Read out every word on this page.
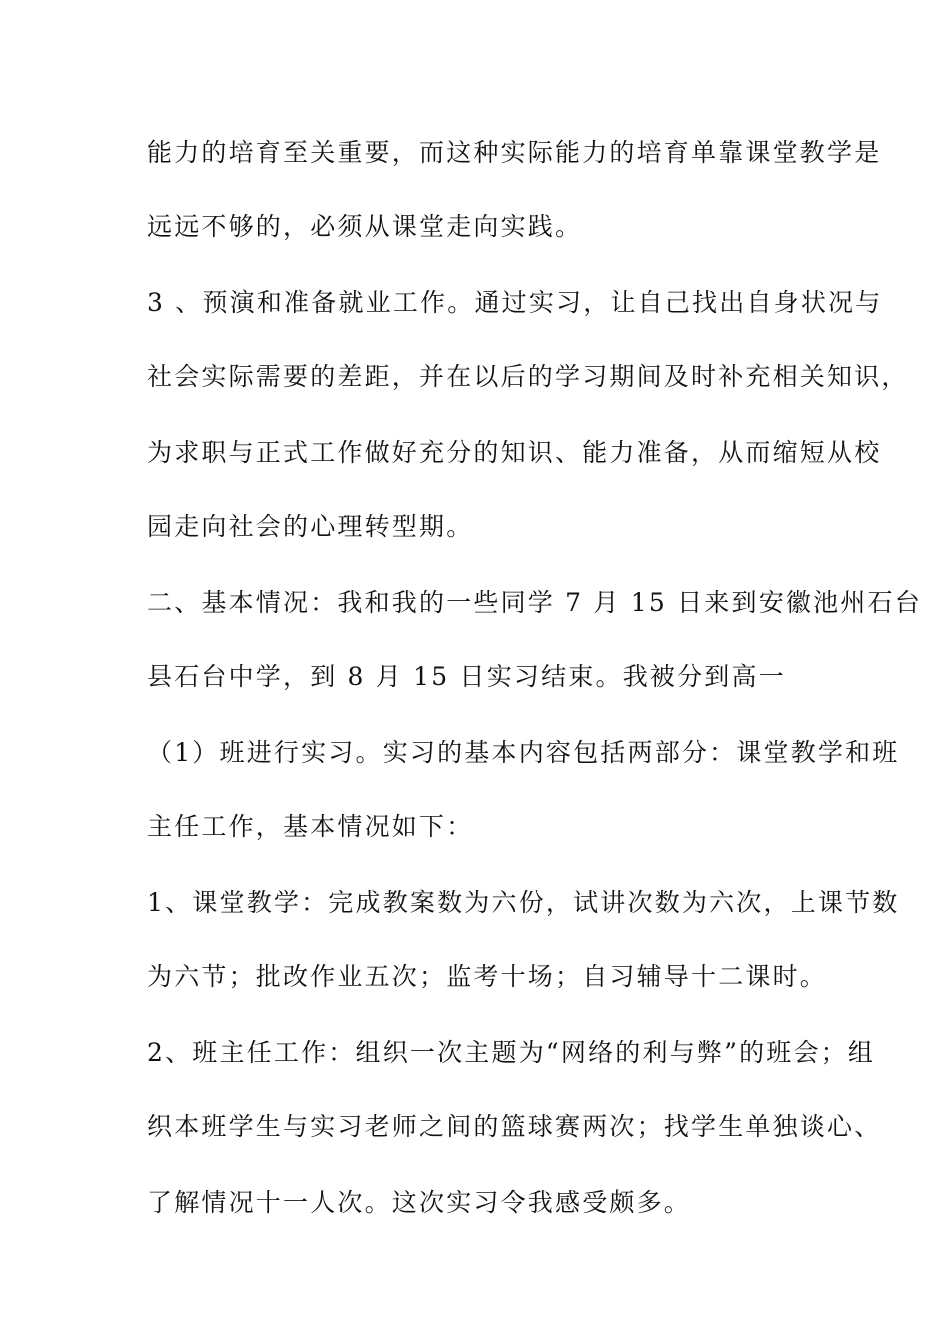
能力的培育至关重要，而这种实际能力的培育单靠课堂教学是
远远不够的，必须从课堂走向实践。
3 、预演和准备就业工作。通过实习，让自己找出自身状况与
社会实际需要的差距，并在以后的学习期间及时补充相关知识，
为求职与正式工作做好充分的知识、能力准备，从而缩短从校
园走向社会的心理转型期。
二、基本情况：我和我的一些同学 7 月 15 日来到安徽池州石台
县石台中学，到 8 月 15 日实习结束。我被分到高一
（1）班进行实习。实习的基本内容包括两部分：课堂教学和班
主任工作，基本情况如下：
1、课堂教学：完成教案数为六份，试讲次数为六次，上课节数
为六节；批改作业五次；监考十场；自习辅导十二课时。
2、班主任工作：组织一次主题为“网络的利与弊”的班会；组
织本班学生与实习老师之间的篮球赛两次；找学生单独谈心、
了解情况十一人次。这次实习令我感受颇多。
